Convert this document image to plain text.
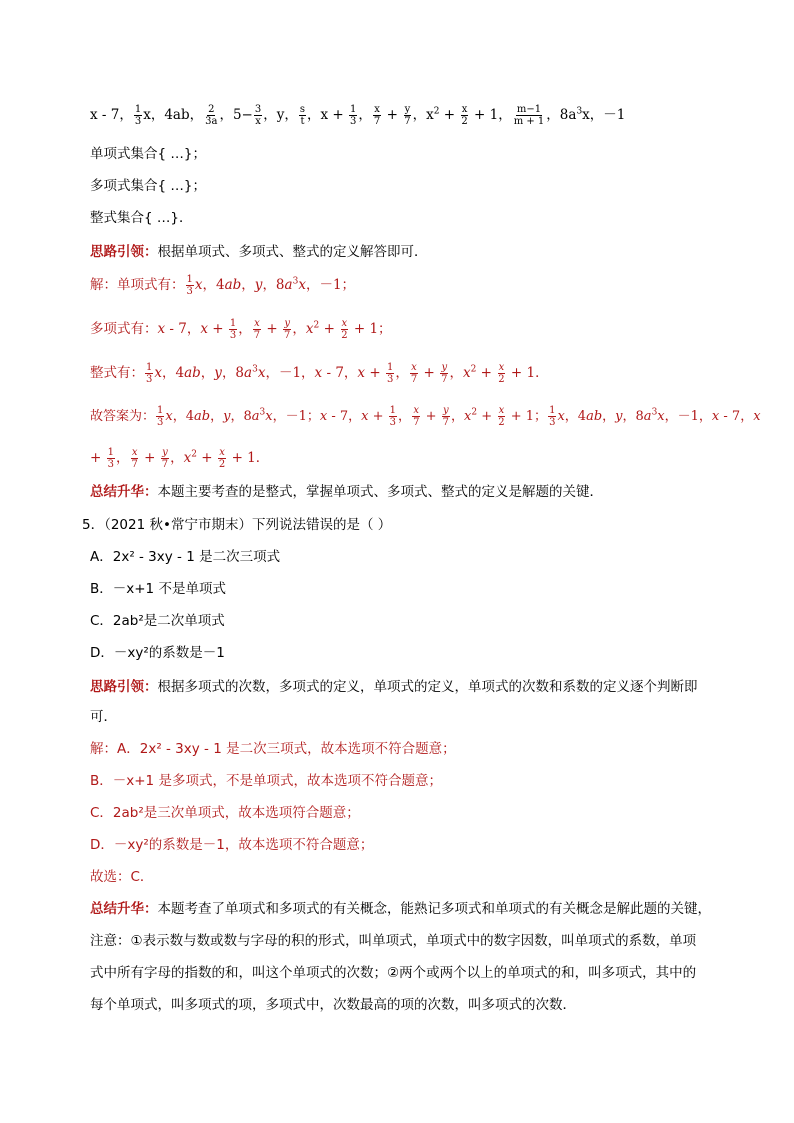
x - 7， $\frac{1}{3}$ x，4ab， $\frac{2}{3a}$ ，$5- \frac{3}{x}$ ，y， $\frac{s}{t}$ ，$x + \frac{1}{3}$ ， $\frac{x}{7} + \frac{y}{7}$ ，$x^2 + \frac{x}{2} + 1$， $\frac{m-1}{m + 1}$ ，$8a^3x$，－1
单项式集合{ …}；
多项式集合{ …}；
整式集合{ …}．
思路引领：根据单项式、多项式、整式的定义解答即可．
解：单项式有： $\frac{1}{3}$ x，4ab，y，$8a^3x$，－1；
多项式有：x - 7，$x + \frac{1}{3}$ ， $\frac{x}{7} + \frac{y}{7}$ ，$x^2 + \frac{x}{2} + 1$；
整式有： $\frac{1}{3}$ x，4ab，y，$8a^3x$，－1，x - 7，$x + \frac{1}{3}$ ， $\frac{x}{7} + \frac{y}{7}$ ，$x^2 + \frac{x}{2} + 1$．
故答案为： $\frac{1}{3}$ x，4ab，y，$8a^3x$，－1；x - 7，$x + \frac{1}{3}$ ， $\frac{x}{7} + \frac{y}{7}$ ，$x^2 + \frac{x}{2} + 1$； $\frac{1}{3}$ x，4ab，y，$8a^3x$，－1，x - 7，x
+ $\frac{1}{3}$ ， $\frac{x}{7} + \frac{y}{7}$ ，$x^2 + \frac{x}{2} + 1$．
总结升华：本题主要考查的是整式，掌握单项式、多项式、整式的定义是解题的关键．
5．（2021 秋•常宁市期末）下列说法错误的是（ ）
A．2x² - 3xy - 1 是二次三项式
B．－x+1 不是单项式
C．2ab²是二次单项式
D．－xy²的系数是－1
思路引领：根据多项式的次数，多项式的定义，单项式的定义，单项式的次数和系数的定义逐个判断即
可．
解：A．2x² - 3xy - 1 是二次三项式，故本选项不符合题意；
B．－x+1 是多项式，不是单项式，故本选项不符合题意；
C．2ab²是三次单项式，故本选项符合题意；
D．－xy²的系数是－1，故本选项不符合题意；
故选：C．
总结升华：本题考查了单项式和多项式的有关概念，能熟记多项式和单项式的有关概念是解此题的关键，
注意：①表示数与数或数与字母的积的形式，叫单项式，单项式中的数字因数，叫单项式的系数，单项
式中所有字母的指数的和，叫这个单项式的次数；②两个或两个以上的单项式的和，叫多项式，其中的
每个单项式，叫多项式的项，多项式中，次数最高的项的次数，叫多项式的次数．
